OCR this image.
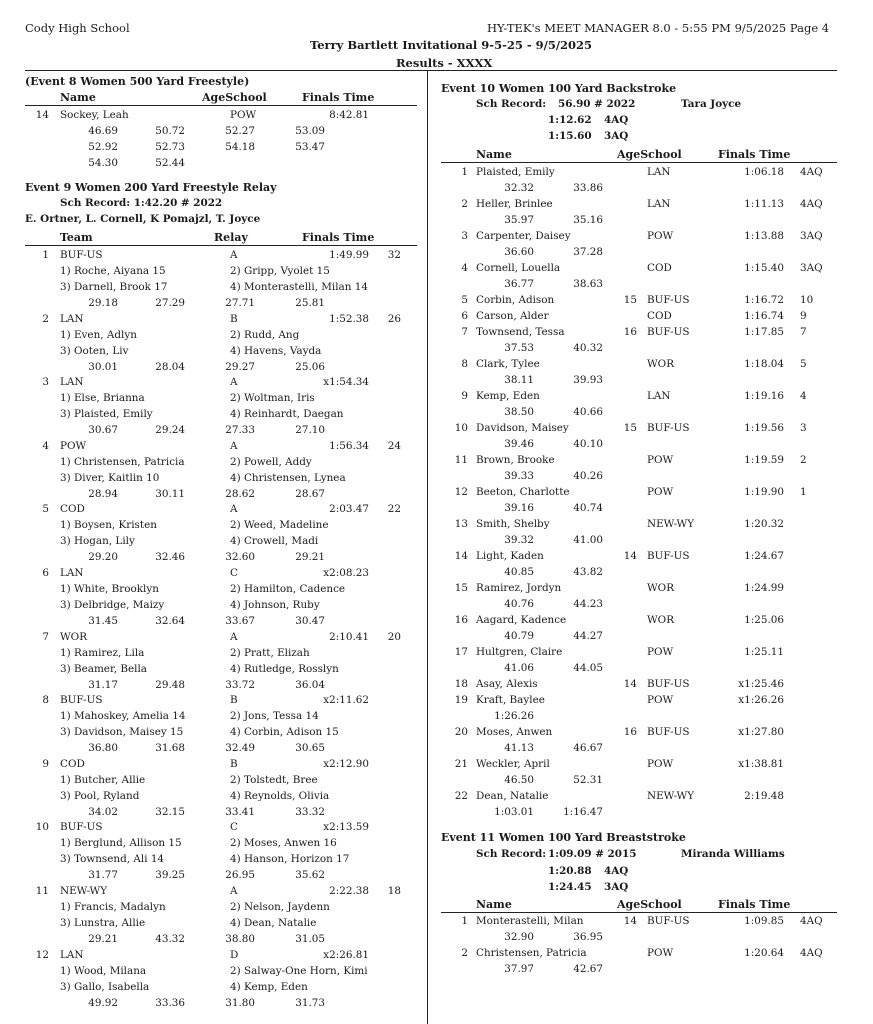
Cody High School	HY-TEK's MEET MANAGER 8.0 - 5:55 PM 9/5/2025 Page 4
Terry Bartlett Invitational 9-5-25 - 9/5/2025
Results - XXXX
(Event 8 Women 500 Yard Freestyle)
Name	AgeSchool	Finals Time
14 Sockey, Leah	POW	8:42.81
46.69	50.72	52.27	53.09
52.92	52.73	54.18	53.47
54.30	52.44
Event 9 Women 200 Yard Freestyle Relay
Sch Record: 1:42.20 # 2022
E. Ortner, L. Cornell, K Pomajzl, T. Joyce
Team	Relay	Finals Time
1 BUF-US	A	1:49.99	32
1) Roche, Aiyana 15	2) Gripp, Vyolet 15
3) Darnell, Brook 17	4) Monterastelli, Milan 14
29.18	27.29	27.71	25.81
2 LAN	B	1:52.38	26
1) Even, Adlyn	2) Rudd, Ang
3) Ooten, Liv	4) Havens, Vayda
30.01	28.04	29.27	25.06
3 LAN	A	x1:54.34
1) Else, Brianna	2) Woltman, Iris
3) Plaisted, Emily	4) Reinhardt, Daegan
30.67	29.24	27.33	27.10
4 POW	A	1:56.34	24
1) Christensen, Patricia	2) Powell, Addy
3) Diver, Kaitlin 10	4) Christensen, Lynea
28.94	30.11	28.62	28.67
5 COD	A	2:03.47	22
1) Boysen, Kristen	2) Weed, Madeline
3) Hogan, Lily	4) Crowell, Madi
29.20	32.46	32.60	29.21
6 LAN	C	x2:08.23
1) White, Brooklyn	2) Hamilton, Cadence
3) Delbridge, Maizy	4) Johnson, Ruby
31.45	32.64	33.67	30.47
7 WOR	A	2:10.41	20
1) Ramirez, Lila	2) Pratt, Elizah
3) Beamer, Bella	4) Rutledge, Rosslyn
31.17	29.48	33.72	36.04
8 BUF-US	B	x2:11.62
1) Mahoskey, Amelia 14	2) Jons, Tessa 14
3) Davidson, Maisey 15	4) Corbin, Adison 15
36.80	31.68	32.49	30.65
9 COD	B	x2:12.90
1) Butcher, Allie	2) Tolstedt, Bree
3) Pool, Ryland	4) Reynolds, Olivia
34.02	32.15	33.41	33.32
10 BUF-US	C	x2:13.59
1) Berglund, Allison 15	2) Moses, Anwen 16
3) Townsend, Ali 14	4) Hanson, Horizon 17
31.77	39.25	26.95	35.62
11 NEW-WY	A	2:22.38	18
1) Francis, Madalyn	2) Nelson, Jaydenn
3) Lunstra, Allie	4) Dean, Natalie
29.21	43.32	38.80	31.05
12 LAN	D	x2:26.81
1) Wood, Milana	2) Salway-One Horn, Kimi
3) Gallo, Isabella	4) Kemp, Eden
49.92	33.36	31.80	31.73
Event 10 Women 100 Yard Backstroke
Sch Record: 56.90 # 2022	Tara Joyce
1:12.62 4AQ
1:15.60 3AQ
Name	AgeSchool	Finals Time
1 Plaisted, Emily	LAN	1:06.18 4AQ
32.32	33.86
2 Heller, Brinlee	LAN	1:11.13 4AQ
35.97	35.16
3 Carpenter, Daisey	POW	1:13.88 3AQ
36.60	37.28
4 Cornell, Louella	COD	1:15.40 3AQ
36.77	38.63
5 Corbin, Adison	15 BUF-US	1:16.72 10
6 Carson, Alder	COD	1:16.74 9
7 Townsend, Tessa	16 BUF-US	1:17.85 7
37.53	40.32
8 Clark, Tylee	WOR	1:18.04 5
38.11	39.93
9 Kemp, Eden	LAN	1:19.16 4
38.50	40.66
10 Davidson, Maisey	15 BUF-US	1:19.56 3
39.46	40.10
11 Brown, Brooke	POW	1:19.59 2
39.33	40.26
12 Beeton, Charlotte	POW	1:19.90 1
39.16	40.74
13 Smith, Shelby	NEW-WY	1:20.32
39.32	41.00
14 Light, Kaden	14 BUF-US	1:24.67
40.85	43.82
15 Ramirez, Jordyn	WOR	1:24.99
40.76	44.23
16 Aagard, Kadence	WOR	1:25.06
40.79	44.27
17 Hultgren, Claire	POW	1:25.11
41.06	44.05
18 Asay, Alexis	14 BUF-US	x1:25.46
19 Kraft, Baylee	POW	x1:26.26
1:26.26
20 Moses, Anwen	16 BUF-US	x1:27.80
41.13	46.67
21 Weckler, April	POW	x1:38.81
46.50	52.31
22 Dean, Natalie	NEW-WY	2:19.48
1:03.01	1:16.47
Event 11 Women 100 Yard Breaststroke
Sch Record: 1:09.09 # 2015	Miranda Williams
1:20.88 4AQ
1:24.45 3AQ
Name	AgeSchool	Finals Time
1 Monterastelli, Milan	14 BUF-US	1:09.85 4AQ
32.90	36.95
2 Christensen, Patricia	POW	1:20.64 4AQ
37.97	42.67
